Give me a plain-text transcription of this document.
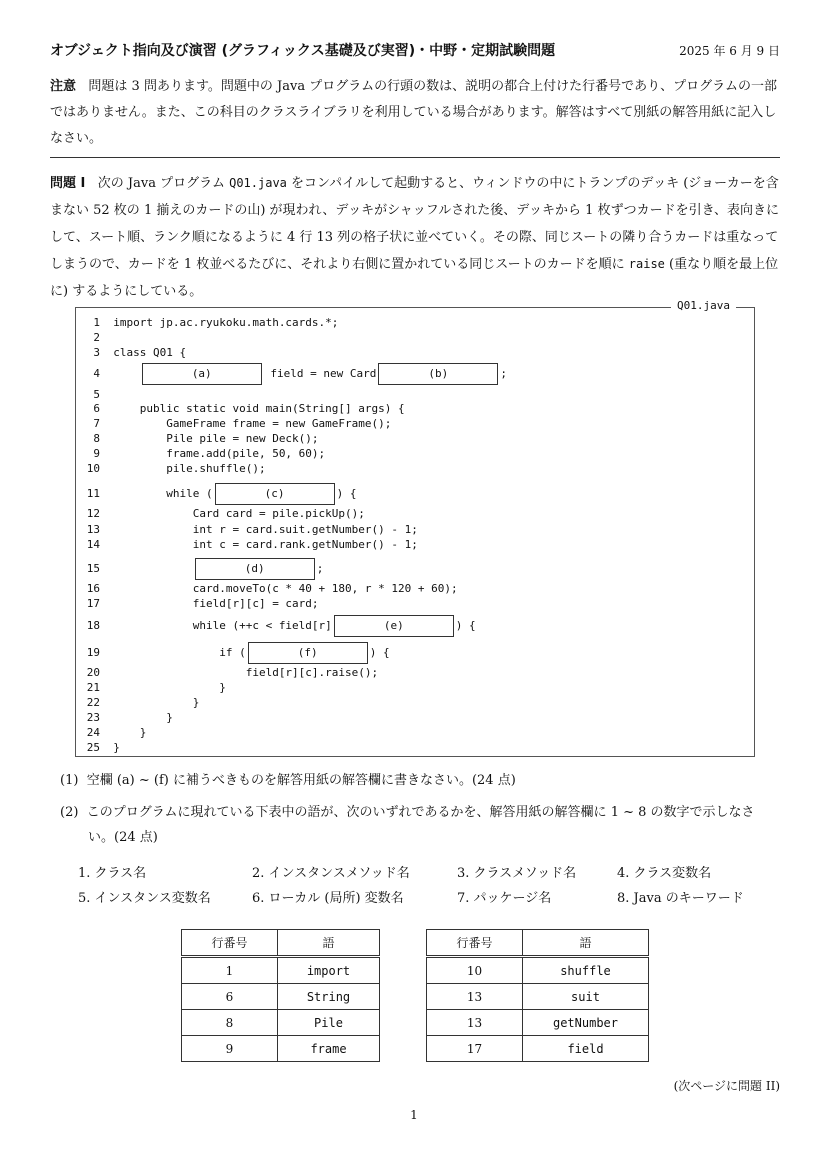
オブジェクト指向及び演習 (グラフィックス基礎及び実習)・中野・定期試験問題	2025 年 6 月 9 日
注意 問題は 3 問あります。問題中の Java プログラムの行頭の数は、説明の都合上付けた行番号であり、プログラムの一部ではありません。また、この科目のクラスライブラリを利用している場合があります。解答はすべて別紙の解答用紙に記入しなさい。
問題 I 次の Java プログラム Q01.java をコンパイルして起動すると、ウィンドウの中にトランプのデッキ (ジョーカーを含まない 52 枚の 1 揃えのカードの山) が現われ、デッキがシャッフルされた後、デッキから 1 枚ずつカードを引き、表向きにして、スート順、ランク順になるように 4 行 13 列の格子状に並べていく。その際、同じスートの隣り合うカードは重なってしまうので、カードを 1 枚並べるたびに、それより右側に置かれている同じスートのカードを順に raise (重なり順を最上位に) するようにしている。
Q01.java
1 import jp.ac.ryukoku.math.cards.*;
2
3 class Q01 {
4	(a)	field = new Card	(b)	;
5
6      public static void main(String[] args) {
7          GameFrame frame = new GameFrame();
8          Pile pile = new Deck();
9          frame.add(pile, 50, 60);
10          pile.shuffle();
11          while (	(c)	) {
12              Card card = pile.pickUp();
13              int r = card.suit.getNumber() - 1;
14              int c = card.rank.getNumber() - 1;
15	(d)	;
16              card.moveTo(c * 40 + 180, r * 120 + 60);
17              field[r][c] = card;
18              while (++c < field[r]	(e)	) {
19                  if (	(f)	) {
20                      field[r][c].raise();
21                  }
22              }
23          }
24      }
25 }
(1) 空欄 (a) ~ (f) に補うべきものを解答用紙の解答欄に書きなさい。(24 点)
(2) このプログラムに現れている下表中の語が、次のいずれであるかを、解答用紙の解答欄に 1 ~ 8 の数字で示しなさい。(24 点)
1. クラス名	2. インスタンスメソッド名	3. クラスメソッド名	4. クラス変数名
5. インスタンス変数名	6. ローカル (局所) 変数名	7. パッケージ名	8. Java のキーワード
行番号	語
1	import
6	String
8	Pile
9	frame
行番号	語
10	shuffle
13	suit
13	getNumber
17	field
(次ページに問題 II)
1
